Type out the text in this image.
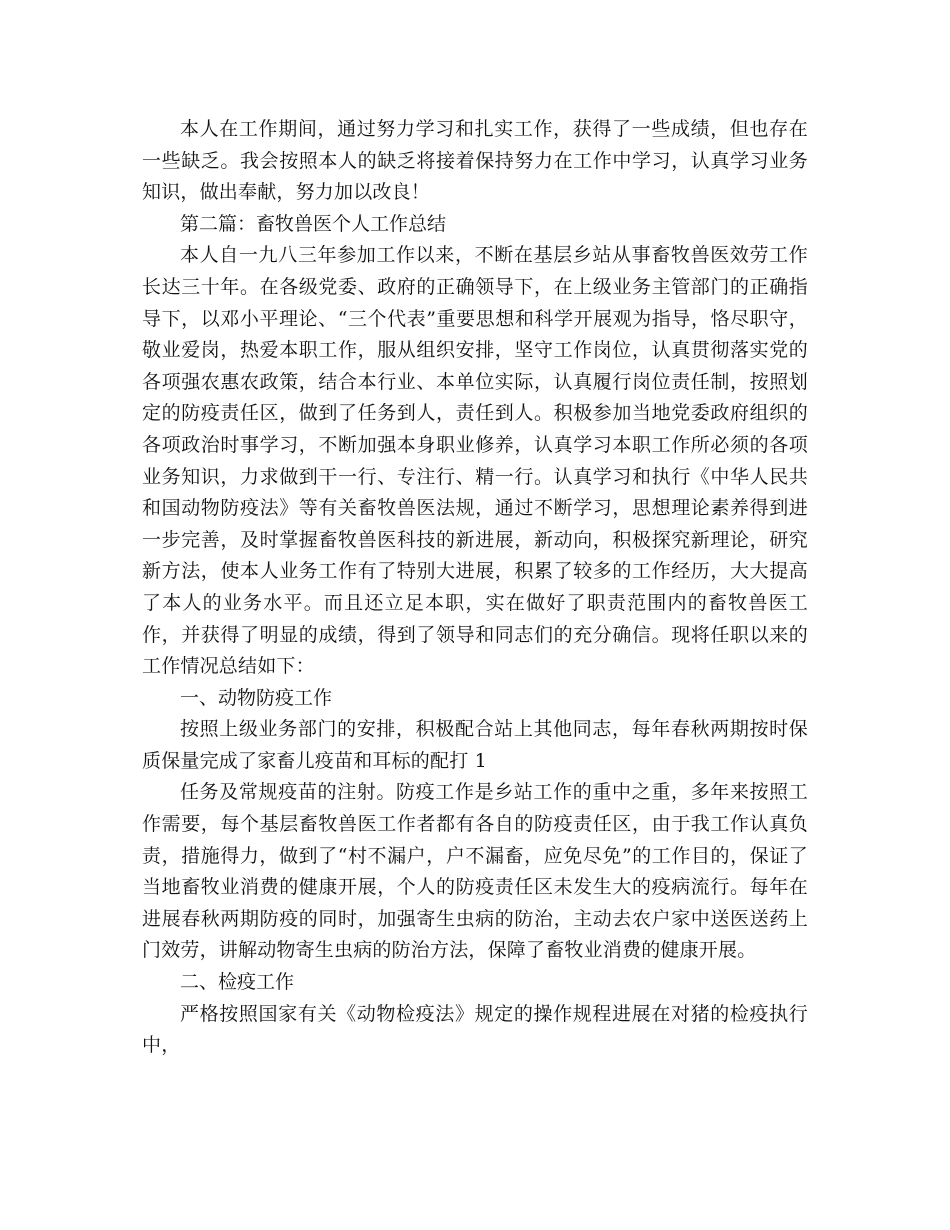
本人在工作期间，通过努力学习和扎实工作，获得了一些成绩，但也存在一些缺乏。我会按照本人的缺乏将接着保持努力在工作中学习，认真学习业务知识，做出奉献，努力加以改良！

第二篇：畜牧兽医个人工作总结

本人自一九八三年参加工作以来，不断在基层乡站从事畜牧兽医效劳工作长达三十年。在各级党委、政府的正确领导下，在上级业务主管部门的正确指导下，以邓小平理论、“三个代表”重要思想和科学开展观为指导，恪尽职守，敬业爱岗，热爱本职工作，服从组织安排，坚守工作岗位，认真贯彻落实党的各项强农惠农政策，结合本行业、本单位实际，认真履行岗位责任制，按照划定的防疫责任区，做到了任务到人，责任到人。积极参加当地党委政府组织的各项政治时事学习，不断加强本身职业修养，认真学习本职工作所必须的各项业务知识，力求做到干一行、专注行、精一行。认真学习和执行《中华人民共和国动物防疫法》等有关畜牧兽医法规，通过不断学习，思想理论素养得到进一步完善，及时掌握畜牧兽医科技的新进展，新动向，积极探究新理论，研究新方法，使本人业务工作有了特别大进展，积累了较多的工作经历，大大提高了本人的业务水平。而且还立足本职，实在做好了职责范围内的畜牧兽医工作，并获得了明显的成绩，得到了领导和同志们的充分确信。现将任职以来的工作情况总结如下：

一、动物防疫工作

按照上级业务部门的安排，积极配合站上其他同志，每年春秋两期按时保质保量完成了家畜儿疫苗和耳标的配打 1

任务及常规疫苗的注射。防疫工作是乡站工作的重中之重，多年来按照工作需要，每个基层畜牧兽医工作者都有各自的防疫责任区，由于我工作认真负责，措施得力，做到了“村不漏户，户不漏畜，应免尽免”的工作目的，保证了当地畜牧业消费的健康开展，个人的防疫责任区未发生大的疫病流行。每年在进展春秋两期防疫的同时，加强寄生虫病的防治，主动去农户家中送医送药上门效劳，讲解动物寄生虫病的防治方法，保障了畜牧业消费的健康开展。

二、检疫工作

严格按照国家有关《动物检疫法》规定的操作规程进展在对猪的检疫执行中，
